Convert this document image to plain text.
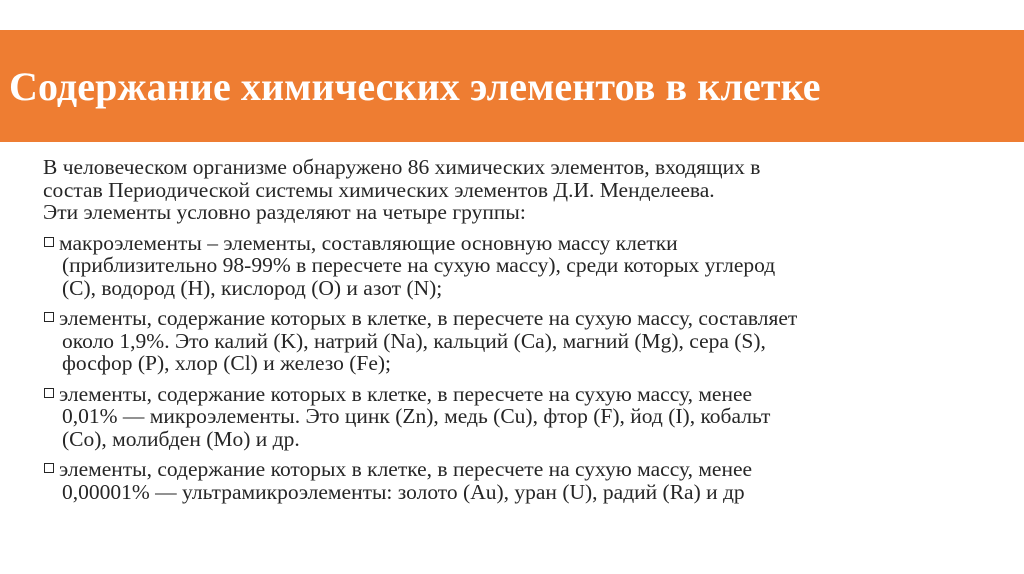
Содержание химических элементов в клетке

В человеческом организме обнаружено 86 химических элементов, входящих в

состав Периодической системы химических элементов Д.И. Менделеева.

Эти элементы условно разделяют на четыре группы:

макроэлементы – элементы, составляющие основную массу клетки
(приблизительно 98-99% в пересчете на сухую массу), среди которых углерод
(C), водород (H), кислород (O) и азот (N);
элементы, содержание которых в клетке, в пересчете на сухую массу, составляет
около 1,9%. Это калий (K), натрий (Na), кальций (Ca), магний (Mg), сера (S),
фосфор (P), хлор (Cl) и железо (Fe);
элементы, содержание которых в клетке, в пересчете на сухую массу, менее
0,01% — микроэлементы. Это цинк (Zn), медь (Cu), фтор (F), йод (I), кобальт
(Co), молибден (Mo) и др.
элементы, содержание которых в клетке, в пересчете на сухую массу, менее
0,00001% — ультрамикроэлементы: золото (Au), уран (U), радий (Ra) и др
